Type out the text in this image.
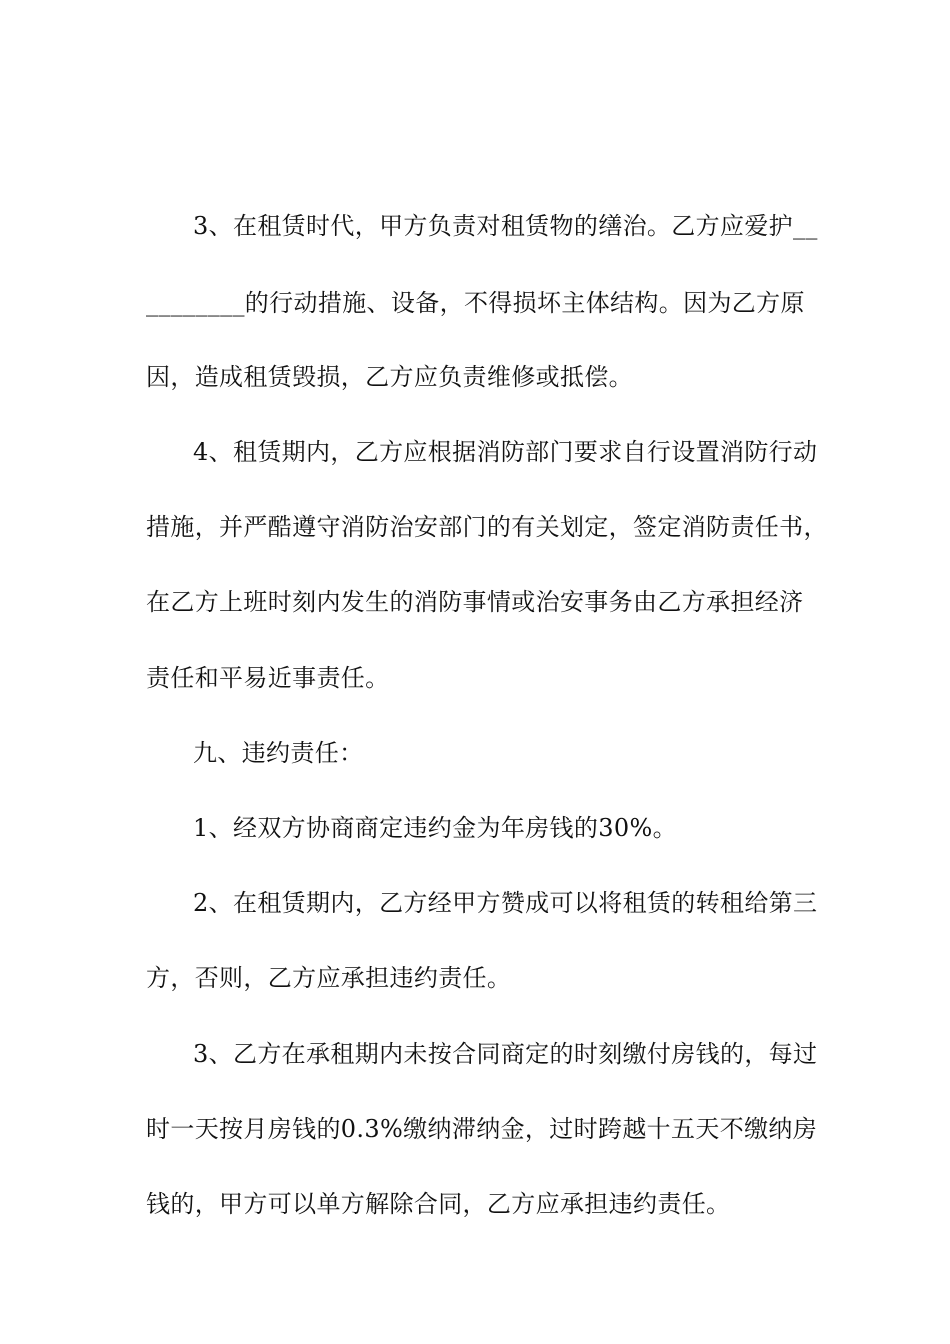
3、在租赁时代，甲方负责对租赁物的缮治。乙方应爱护__
________的行动措施、设备，不得损坏主体结构。因为乙方原
因，造成租赁毁损，乙方应负责维修或抵偿。
4、租赁期内，乙方应根据消防部门要求自行设置消防行动
措施，并严酷遵守消防治安部门的有关划定，签定消防责任书，
在乙方上班时刻内发生的消防事情或治安事务由乙方承担经济
责任和平易近事责任。
九、违约责任：
1、经双方协商商定违约金为年房钱的30%。
2、在租赁期内，乙方经甲方赞成可以将租赁的转租给第三
方，否则，乙方应承担违约责任。
3、乙方在承租期内未按合同商定的时刻缴付房钱的，每过
时一天按月房钱的0.3%缴纳滞纳金，过时跨越十五天不缴纳房
钱的，甲方可以单方解除合同，乙方应承担违约责任。
